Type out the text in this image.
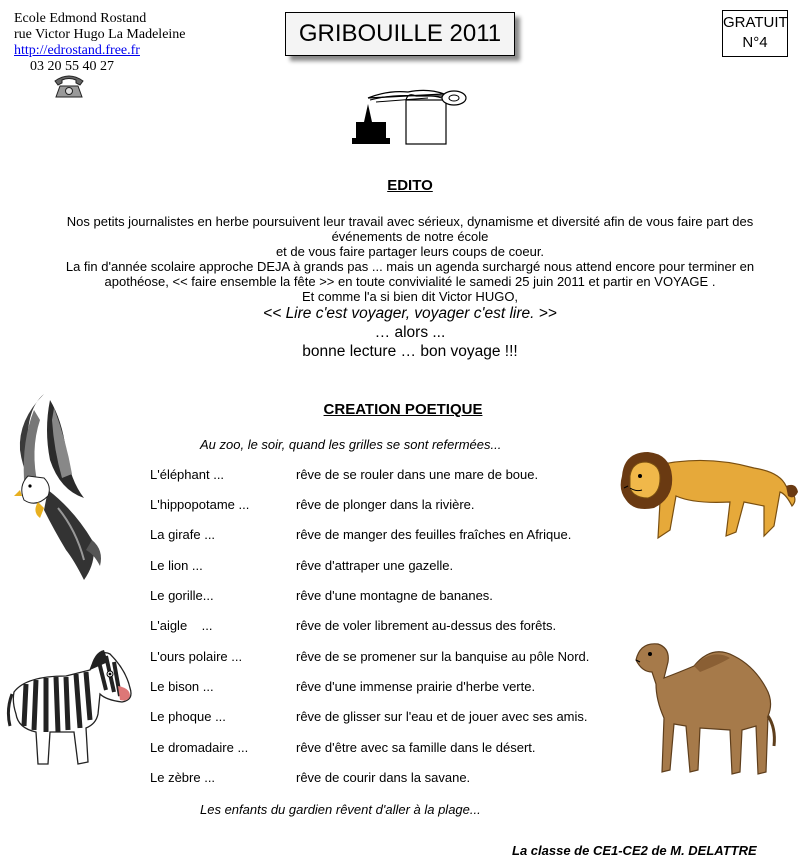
Ecole Edmond Rostand
rue Victor Hugo La Madeleine
http://edrostand.free.fr
03 20 55 40 27
GRIBOUILLE 2011	GRATUIT
N°4
EDITO
Nos petits journalistes en herbe poursuivent leur travail avec sérieux, dynamisme et diversité afin de vous faire part des
événements de notre école
et de vous faire partager leurs coups de coeur.
La fin d'année scolaire approche DEJA à grands pas ... mais un agenda surchargé nous attend encore pour terminer en
apothéose, << faire ensemble la fête >> en toute convivialité le samedi 25 juin 2011 et partir en VOYAGE .
Et comme l'a si bien dit Victor HUGO,
<< Lire c'est voyager, voyager c'est lire. >>
… alors ...
bonne lecture … bon voyage !!!
CREATION POETIQUE
Au zoo, le soir, quand les grilles se sont refermées...
L'éléphant ...	rêve de se rouler dans une mare de boue.
L'hippopotame ...	rêve de plonger dans la rivière.
La girafe ...	rêve de manger des feuilles fraîches en Afrique.
Le lion ...	rêve d'attraper une gazelle.
Le gorille...	rêve d'une montagne de bananes.
L'aigle    ...	rêve de voler librement au-dessus des forêts.
L'ours polaire ...	rêve de se promener sur la banquise au pôle Nord.
Le bison ...	rêve d'une immense prairie d'herbe verte.
Le phoque ...	rêve de glisser sur l'eau et de jouer avec ses amis.
Le dromadaire ...	rêve d'être avec sa famille dans le désert.
Le zèbre ...	rêve de courir dans la savane.
Les enfants du gardien rêvent d'aller à la plage...
La classe de CE1-CE2 de M. DELATTRE
